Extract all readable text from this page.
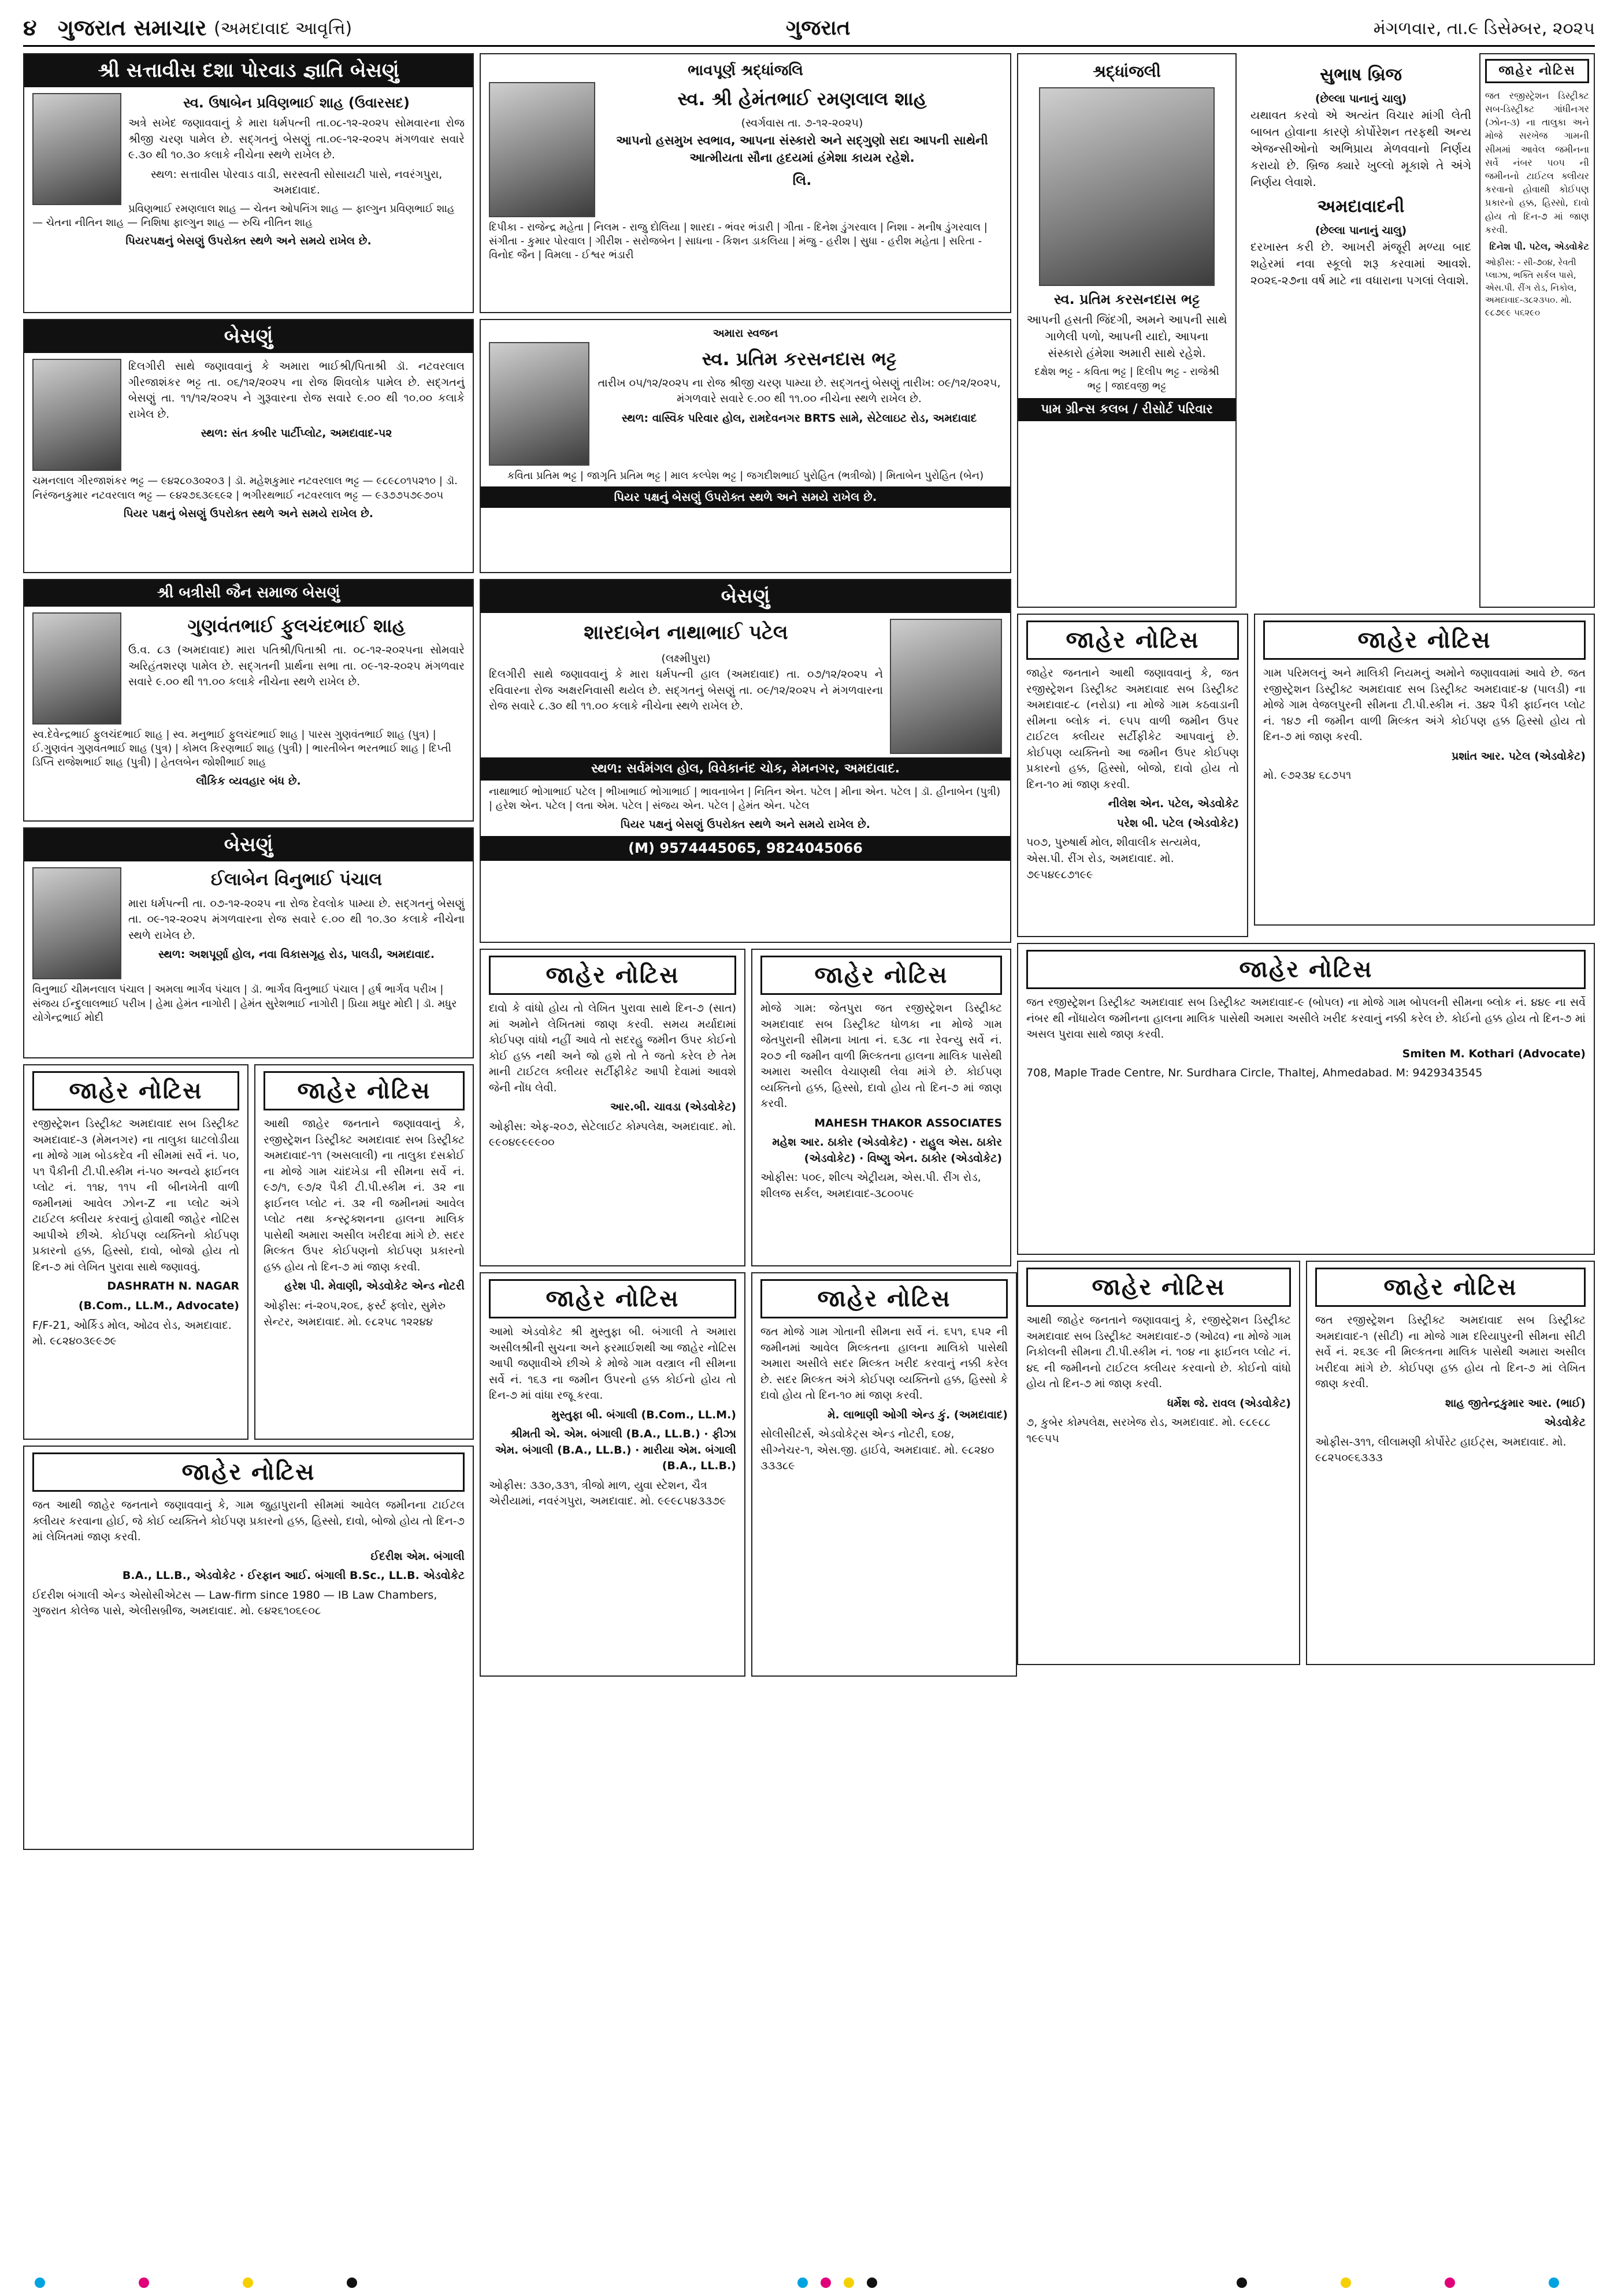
૪ ગુજરાત સમાચાર (અમદાવાદ આવૃત્તિ)	ગુજરાત	મંગળવાર, તા.૯ ડિસેમ્બર, ૨૦૨૫
શ્રી સત્તાવીસ દશા પોરવાડ જ્ઞાતિ બેસણું
સ્વ. ઉષાબેન પ્રવિણભાઈ શાહ (ઉવારસદ)

અત્રે સખેદ જણાવવાનું કે મારા ધર્મપત્ની તા.૦૮-૧૨-૨૦૨૫ સોમવારના રોજ શ્રીજી ચરણ પામેલ છે. સદ્ગતનું બેસણું તા.૦૯-૧૨-૨૦૨૫ મંગળવાર સવારે ૯.૩૦ થી ૧૦.૩૦ કલાકે નીચેના સ્થળે રાખેલ છે.

સ્થળ: સત્તાવીસ પોરવાડ વાડી, સરસ્વતી સોસાયટી પાસે, નવરંગપુરા, અમદાવાદ.

પ્રવિણભાઈ રમણલાલ શાહ — ચેતન ઓપનિંગ શાહ — ફાલ્ગુન પ્રવિણભાઈ શાહ — ચેતના નીતિન શાહ — નિશિષા ફાલ્ગુન શાહ — રુચિ નીતિન શાહ

પિયરપક્ષનું બેસણું ઉપરોક્ત સ્થળે અને સમયે રાખેલ છે.

ભાવપૂર્ણ શ્રદ્ધાંજલિ
સ્વ. શ્રી હેમંતભાઈ રમણલાલ શાહ
(સ્વર્ગવાસ તા. ૭-૧૨-૨૦૨૫)

આપનો હસમુખ સ્વભાવ, આપના સંસ્કારો અને સદ્ગુણો સદા આપની સાથેની આત્મીયતા સૌના હૃદયમાં હંમેશા કાયમ રહેશે.

લિ.

દિપીકા - રાજેન્દ્ર મહેતા | નિલમ - રાજુ દોલિયા | શારદા - ભંવર ભંડારી | ગીતા - દિનેશ ડુંગરવાલ | નિશા - મનીષ ડુંગરવાલ | સંગીતા - કુમાર પોરવાલ | ગીરીશ - સરોજબેન | સાધના - કિશન ડાકલિયા | મંજુ - હરીશ | સુધા - હરીશ મહેતા | સરિતા - વિનોદ જૈન | વિમલા - ઈશ્વર ભંડારી

શ્રદ્ધાંજલી
સ્વ. પ્રતિમ કરસનદાસ ભટ્ટ

આપની હસતી જિંદગી, અમને આપની સાથે ગાળેલી પળો, આપની યાદો, આપના સંસ્કારો હંમેશા અમારી સાથે રહેશે.

દક્ષેશ ભટ્ટ - કવિતા ભટ્ટ | દિલીપ ભટ્ટ - રાજેશ્રી ભટ્ટ | જાદવજી ભટ્ટ

પામ ગ્રીન્સ કલબ / રીસોર્ટ પરિવાર
સુભાષ બ્રિજ
(છેલ્લા પાનાનું ચાલુ)

યથાવત કરવો એ અત્યંત વિચાર માંગી લેતી બાબત હોવાના કારણે કોર્પોરેશન તરફથી અન્ય એજન્સીઓનો અભિપ્રાય મેળવવાનો નિર્ણય કરાયો છે. બ્રિજ ક્યારે ખુલ્લો મૂકાશે તે અંગે નિર્ણય લેવાશે.

અમદાવાદની
(છેલ્લા પાનાનું ચાલુ)

દરખાસ્ત કરી છે. આખરી મંજૂરી મળ્યા બાદ શહેરમાં નવા સ્કૂલો શરૂ કરવામાં આવશે. ૨૦૨૬-૨૭ના વર્ષ માટે ના વધારાના પગલાં લેવાશે.

જાહેર નોટિસ

જત રજીસ્ટ્રેશન ડિસ્ટ્રીક્ટ સબ-ડિસ્ટ્રીક્ટ ગાંધીનગર (ઝોન-૩) ના તાલુકા અને મોજે સરખેજ ગામની સીમમાં આવેલ જમીનના સર્વે નંબર ૫૦૫ ની જમીનનો ટાઈટલ ક્લીયર કરવાનો હોવાથી કોઈપણ પ્રકારનો હક્ક, હિસ્સો, દાવો હોય તો દિન-૭ માં જાણ કરવી.

દિનેશ પી. પટેલ, એડવોકેટ

ઓફીસ: - સી-૭૦૪, રેવતી પ્લાઝા, ભક્તિ સર્કલ પાસે, એસ.પી. રીંગ રોડ, નિકોલ, અમદાવાદ-૩૮૨૩૫૦. મો. ૯૮૭૯૯ ૫૬૨૯૦

બેસણું

દિલગીરી સાથે જણાવવાનું કે અમારા ભાઈશ્રી/પિતાશ્રી ડૉ. નટવરલાલ ગીરજાશંકર ભટ્ટ તા. ૦૬/૧૨/૨૦૨૫ ના રોજ શિવલોક પામેલ છે. સદ્ગતનું બેસણું તા. ૧૧/૧૨/૨૦૨૫ ને ગુરૂવારના રોજ સવારે ૯.૦૦ થી ૧૦.૦૦ કલાકે રાખેલ છે.

સ્થળ: સંત કબીર પાર્ટીપ્લોટ, અમદાવાદ-૫૨

ચમનલાલ ગીરજાશંકર ભટ્ટ — ૯૪૨૮૦૩૦૨૦૩ | ડૉ. મહેશકુમાર નટવરલાલ ભટ્ટ — ૯૮૯૮૦૧૫૨૧૦ | ડૉ. નિરંજનકુમાર નટવરલાલ ભટ્ટ — ૯૪૨૭૬૩૯૬૯૨ | ભગીરથભાઈ નટવરલાલ ભટ્ટ — ૯૩૭૭૫૭૯૭૦૫

પિયર પક્ષનું બેસણું ઉપરોક્ત સ્થળે અને સમયે રાખેલ છે.

અમારા સ્વજન
સ્વ. પ્રતિમ કરસનદાસ ભટ્ટ

તારીખ ૦૫/૧૨/૨૦૨૫ ના રોજ શ્રીજી ચરણ પામ્યા છે. સદ્ગતનું બેસણું તારીખ: ૦૯/૧૨/૨૦૨૫, મંગળવારે સવારે ૯.૦૦ થી ૧૧.૦૦ નીચેના સ્થળે રાખેલ છે.

સ્થળ: વાસ્વિક પરિવાર હોલ, રામદેવનગર BRTS સામે, સેટેલાઇટ રોડ, અમદાવાદ

કવિતા પ્રતિમ ભટ્ટ | જાગૃતિ પ્રતિમ ભટ્ટ | માલ કલ્પેશ ભટ્ટ | જગદીશભાઈ પુરોહિત (ભત્રીજો) | મિતાબેન પુરોહિત (બેન)

પિયર પક્ષનું બેસણું ઉપરોક્ત સ્થળે અને સમયે રાખેલ છે.
શ્રી બત્રીસી જૈન સમાજ બેસણું
ગુણવંતભાઈ ફુલચંદભાઈ શાહ

ઉ.વ. ૮૩ (અમદાવાદ) મારા પતિશ્રી/પિતાશ્રી તા. ૦૮-૧૨-૨૦૨૫ના સોમવારે અરિહંતશરણ પામેલ છે. સદ્ગતની પ્રાર્થના સભા તા. ૦૯-૧૨-૨૦૨૫ મંગળવાર સવારે ૯.૦૦ થી ૧૧.૦૦ કલાકે નીચેના સ્થળે રાખેલ છે.

સ્વ.દેવેન્દ્રભાઈ ફુલચંદભાઈ શાહ | સ્વ. મનુભાઈ ફુલચંદભાઈ શાહ | પારસ ગુણવંતભાઈ શાહ (પુત્ર) | ઈ.ગુણવંત ગુણવંતભાઈ શાહ (પુત્ર) | કોમલ કિરણભાઈ શાહ (પુત્રી) | ભારતીબેન ભરતભાઈ શાહ | દિપ્તી ડિપ્તિ રાજેશભાઈ શાહ (પુત્રી) | હેતલબેન જોશીભાઈ શાહ

લૌકિક વ્યવહાર બંધ છે.

બેસણું
શારદાબેન નાથાભાઈ પટેલ
(લક્ષ્મીપુરા)

દિલગીરી સાથે જણાવવાનું કે મારા ધર્મપત્ની હાલ (અમદાવાદ) તા. ૦૭/૧૨/૨૦૨૫ ને રવિવારના રોજ અક્ષરનિવાસી થયેલ છે. સદ્ગતનું બેસણું તા. ૦૯/૧૨/૨૦૨૫ ને મંગળવારના રોજ સવારે ૮.૩૦ થી ૧૧.૦૦ કલાકે નીચેના સ્થળે રાખેલ છે.

સ્થળ: સર્વમંગલ હોલ, વિવેકાનંદ ચોક, મેમનગર, અમદાવાદ.

નાથાભાઈ ભોગાભાઈ પટેલ | ભીખાભાઈ ભોગાભાઈ | ભાવનાબેન | નિતિન એન. પટેલ | મીના એન. પટેલ | ડૉ. હીનાબેન (પુત્રી) | હરેશ એન. પટેલ | લતા એમ. પટેલ | સંજય એન. પટેલ | હેમંત એન. પટેલ

પિયર પક્ષનું બેસણું ઉપરોક્ત સ્થળે અને સમયે રાખેલ છે.

(M) 9574445065, 9824045066
બેસણું
ઈલાબેન વિનુભાઈ પંચાલ

મારા ધર્મપત્ની તા. ૦૭-૧૨-૨૦૨૫ ના રોજ દેવલોક પામ્યા છે. સદ્ગતનું બેસણું તા. ૦૯-૧૨-૨૦૨૫ મંગળવારના રોજ સવારે ૯.૦૦ થી ૧૦.૩૦ કલાકે નીચેના સ્થળે રાખેલ છે.

સ્થળ: અશપૂર્ણા હોલ, નવા વિકાસગૃહ રોડ, પાલડી, અમદાવાદ.

વિનુભાઈ ચીમનલાલ પંચાલ | અમલા ભાર્ગવ પંચાલ | ડૉ. ભાર્ગવ વિનુભાઈ પંચાલ | હર્ષ ભાર્ગવ પરીખ | સંજય ઈન્દુલાલભાઈ પરીખ | હેમા હેમંત નાગોરી | હેમંત સુરેશભાઈ નાગોરી | પ્રિયા મધુર મોદી | ડૉ. મધુર યોગેન્દ્રભાઈ મોદી

જાહેર નોટિસ

રજીસ્ટ્રેશન ડિસ્ટ્રીક્ટ અમદાવાદ સબ ડિસ્ટ્રીક્ટ અમદાવાદ-૩ (મેમનગર) ના તાલુકા ઘાટલોડીયા ના મોજે ગામ બોડકદેવ ની સીમમાં સર્વે નં. ૫૦, ૫૧ પૈકીની ટી.પી.સ્કીમ નં-૫૦ અન્વયે ફાઈનલ પ્લોટ નં. ૧૧૪, ૧૧૫ ની બીનખેતી વાળી જમીનમાં આવેલ ઝોન-Z ના પ્લોટ અંગે ટાઈટલ ક્લીયર કરવાનું હોવાથી જાહેર નોટિસ આપીએ છીએ. કોઈપણ વ્યક્તિનો કોઈપણ પ્રકારનો હક્ક, હિસ્સો, દાવો, બોજો હોય તો દિન-૭ માં લેખિત પુરાવા સાથે જણાવવું.

DASHRATH N. NAGAR

(B.Com., LL.M., Advocate)

F/F-21, ઓર્કિડ મોલ, ઓઢવ રોડ, અમદાવાદ. મો. ૯૮૨૪૦૩૯૯૭૯

જાહેર નોટિસ

આથી જાહેર જનતાને જણાવવાનું કે, રજીસ્ટ્રેશન ડિસ્ટ્રીક્ટ અમદાવાદ સબ ડિસ્ટ્રીક્ટ અમદાવાદ-૧૧ (અસલાલી) ના તાલુકા દસક્રોઈ ના મોજે ગામ ચાંદખેડા ની સીમના સર્વે નં. ૯૭/૧, ૯૭/૨ પૈકી ટી.પી.સ્કીમ નં. ૩૨ ના ફાઈનલ પ્લોટ નં. ૩૨ ની જમીનમાં આવેલ પ્લોટ તથા કન્સ્ટ્રક્શનના હાલના માલિક પાસેથી અમારા અસીલ ખરીદવા માંગે છે. સદર મિલ્કત ઉપર કોઈપણનો કોઈપણ પ્રકારનો હક્ક હોય તો દિન-૭ માં જાણ કરવી.

હરેશ પી. મેવાણી, એડવોકેટ એન્ડ નોટરી

ઓફીસ: નં-૨૦૫,૨૦૬, ફર્સ્ટ ફ્લોર, સુમેરુ સેન્ટર, અમદાવાદ. મો. ૯૮૨૫૮ ૧૨૨૪૪

જાહેર નોટિસ

દાવો કે વાંધો હોય તો લેખિત પુરાવા સાથે દિન-૭ (સાત) માં અમોને લેખિતમાં જાણ કરવી. સમય મર્યાદામાં કોઈપણ વાંધો નહીં આવે તો સદરહુ જમીન ઉપર કોઈનો કોઈ હક્ક નથી અને જો હશે તો તે જતો કરેલ છે તેમ માની ટાઈટલ ક્લીયર સર્ટીફીકેટ આપી દેવામાં આવશે જેની નોંધ લેવી.

આર.બી. ચાવડા (એડવોકેટ)

ઓફીસ: એફ-૨૦૭, સેટેલાઈટ કોમ્પલેક્ષ, અમદાવાદ. મો. ૯૯૦૪૯૯૯૯૦૦

જાહેર નોટિસ

મોજે ગામ: જેતપુરા જત રજીસ્ટ્રેશન ડિસ્ટ્રીક્ટ અમદાવાદ સબ ડિસ્ટ્રીક્ટ ધોળકા ના મોજે ગામ જેતપુરાની સીમના ખાતા નં. ૬૩૮ ના રેવન્યુ સર્વે નં. ૨૦૭ ની જમીન વાળી મિલ્કતના હાલના માલિક પાસેથી અમારા અસીલ વેચાણથી લેવા માંગે છે. કોઈપણ વ્યક્તિનો હક્ક, હિસ્સો, દાવો હોય તો દિન-૭ માં જાણ કરવી.

MAHESH THAKOR ASSOCIATES

મહેશ આર. ઠાકોર (એડવોકેટ) · રાહુલ એસ. ઠાકોર (એડવોકેટ) · વિષ્ણુ એન. ઠાકોર (એડવોકેટ)

ઓફીસ: ૫૦૯, શીલ્પ એટ્રીયમ, એસ.પી. રીંગ રોડ, શીલજ સર્કલ, અમદાવાદ-૩૮૦૦૫૯

જાહેર નોટિસ

જાહેર જનતાને આથી જણાવવાનું કે, જત રજીસ્ટ્રેશન ડિસ્ટ્રીક્ટ અમદાવાદ સબ ડિસ્ટ્રીક્ટ અમદાવાદ-૮ (નરોડા) ના મોજે ગામ કઠવાડાની સીમના બ્લોક નં. ૯૫૫ વાળી જમીન ઉપર ટાઈટલ ક્લીયર સર્ટીફીકેટ આપવાનું છે. કોઈપણ વ્યક્તિનો આ જમીન ઉપર કોઈપણ પ્રકારનો હક્ક, હિસ્સો, બોજો, દાવો હોય તો દિન-૧૦ માં જાણ કરવી.

નીલેશ એન. પટેલ, એડવોકેટ

પરેશ બી. પટેલ (એડવોકેટ)

૫૦૭, પુરુષાર્થ મોલ, શીવાલીક સત્યમેવ, એસ.પી. રીંગ રોડ, અમદાવાદ. મો. ૭૯૫૪૯૮૭૧૯૯

જાહેર નોટિસ

ગામ પરિમલનું અને માલિકી નિયમનું અમોને જણાવવામાં આવે છે. જત રજીસ્ટ્રેશન ડિસ્ટ્રીક્ટ અમદાવાદ સબ ડિસ્ટ્રીક્ટ અમદાવાદ-૪ (પાલડી) ના મોજે ગામ વેજલપુરની સીમના ટી.પી.સ્કીમ નં. ૩૪૨ પૈકી ફાઈનલ પ્લોટ નં. ૧૪૭ ની જમીન વાળી મિલ્કત અંગે કોઈપણ હક્ક હિસ્સો હોય તો દિન-૭ માં જાણ કરવી.

પ્રશાંત આર. પટેલ (એડવોકેટ)

મો. ૯૭૨૩૪ ૬૮૭૫૧

જાહેર નોટિસ

જત રજીસ્ટ્રેશન ડિસ્ટ્રીક્ટ અમદાવાદ સબ ડિસ્ટ્રીક્ટ અમદાવાદ-૯ (બોપલ) ના મોજે ગામ બોપલની સીમના બ્લોક નં. ૪૪૯ ના સર્વે નંબર થી નોંધાયેલ જમીનના હાલના માલિક પાસેથી અમારા અસીલે ખરીદ કરવાનું નક્કી કરેલ છે. કોઈનો હક્ક હોય તો દિન-૭ માં અસલ પુરાવા સાથે જાણ કરવી.

Smiten M. Kothari (Advocate)

708, Maple Trade Centre, Nr. Surdhara Circle, Thaltej, Ahmedabad. M: 9429343545

જાહેર નોટિસ

આમો એડવોકેટ શ્રી મુસ્તુફા બી. બંગાલી તે અમારા અસીલશ્રીની સુચના અને ફરમાઈશથી આ જાહેર નોટિસ આપી જણાવીએ છીએ કે મોજે ગામ વસ્ત્રાલ ની સીમના સર્વે નં. ૧૬૩ ના જમીન ઉપરનો હક્ક કોઈનો હોય તો દિન-૭ માં વાંધા રજૂ કરવા.

મુસ્તુફા બી. બંગાલી (B.Com., LL.M.)

શ્રીમતી એ. એમ. બંગાલી (B.A., LL.B.) · ફીઝા એમ. બંગાલી (B.A., LL.B.) · મારીયા એમ. બંગાલી (B.A., LL.B.)

ઓફીસ: ૩૩૦,૩૩૧, ત્રીજો માળ, યુવા સ્ટેશન, ચૈત્ર એરીયામાં, નવરંગપુરા, અમદાવાદ. મો. ૯૯૯૮૫૪૩૩૭૯

જાહેર નોટિસ

જત મોજે ગામ ગોતાની સીમના સર્વે નં. ૬૫૧, ૬૫૨ ની જમીનમાં આવેલ મિલ્કતના હાલના માલિકો પાસેથી અમારા અસીલે સદર મિલ્કત ખરીદ કરવાનું નક્કી કરેલ છે. સદર મિલ્કત અંગે કોઈપણ વ્યક્તિનો હક્ક, હિસ્સો કે દાવો હોય તો દિન-૧૦ માં જાણ કરવી.

મે. લાભાણી ઓગી એન્ડ કું. (અમદાવાદ)

સોલીસીટર્સ, એડવોકેટ્સ એન્ડ નોટરી, ૬૦૪, સીગ્નેચર-૧, એસ.જી. હાઈવે, અમદાવાદ. મો. ૯૮૨૪૦ ૩૩૩૮૯

જાહેર નોટિસ

આથી જાહેર જનતાને જણાવવાનું કે, રજીસ્ટ્રેશન ડિસ્ટ્રીક્ટ અમદાવાદ સબ ડિસ્ટ્રીક્ટ અમદાવાદ-૭ (ઓઢવ) ના મોજે ગામ નિકોલની સીમના ટી.પી.સ્કીમ નં. ૧૦૪ ના ફાઈનલ પ્લોટ નં. ૪૬ ની જમીનનો ટાઈટલ ક્લીયર કરવાનો છે. કોઈનો વાંધો હોય તો દિન-૭ માં જાણ કરવી.

ધર્મેશ જે. રાવલ (એડવોકેટ)

૭, કુબેર કોમ્પલેક્ષ, સરખેજ રોડ, અમદાવાદ. મો. ૯૮૯૮૮ ૧૯૯૫૫

જાહેર નોટિસ

જત રજીસ્ટ્રેશન ડિસ્ટ્રીક્ટ અમદાવાદ સબ ડિસ્ટ્રીક્ટ અમદાવાદ-૧ (સીટી) ના મોજે ગામ દરિયાપુરની સીમના સીટી સર્વે નં. ૨૬૩૯ ની મિલ્કતના માલિક પાસેથી અમારા અસીલ ખરીદવા માંગે છે. કોઈપણ હક્ક હોય તો દિન-૭ માં લેખિત જાણ કરવી.

શાહ જીતેન્દ્રકુમાર આર. (ભાઈ)

એડવોકેટ

ઓફીસ-૩૧૧, લીલામણી કોર્પોરેટ હાઈટ્સ, અમદાવાદ. મો. ૯૮૨૫૦૯૬૩૩૩

જાહેર નોટિસ

જત આથી જાહેર જનતાને જણાવવાનું કે, ગામ જુહાપુરાની સીમમાં આવેલ જમીનના ટાઈટલ ક્લીયર કરવાના હોઈ, જે કોઈ વ્યક્તિને કોઈપણ પ્રકારનો હક્ક, હિસ્સો, દાવો, બોજો હોય તો દિન-૭ માં લેખિતમાં જાણ કરવી.

ઈદરીશ એમ. બંગાલી

B.A., LL.B., એડવોકેટ · ઈરફાન આઈ. બંગાલી B.Sc., LL.B. એડવોકેટ

ઈદરીશ બંગાલી એન્ડ એસોસીએટસ — Law-firm since 1980 — IB Law Chambers, ગુજરાત કોલેજ પાસે, એલીસબ્રીજ, અમદાવાદ. મો. ૯૪૨૬૧૦૬૯૦૮
